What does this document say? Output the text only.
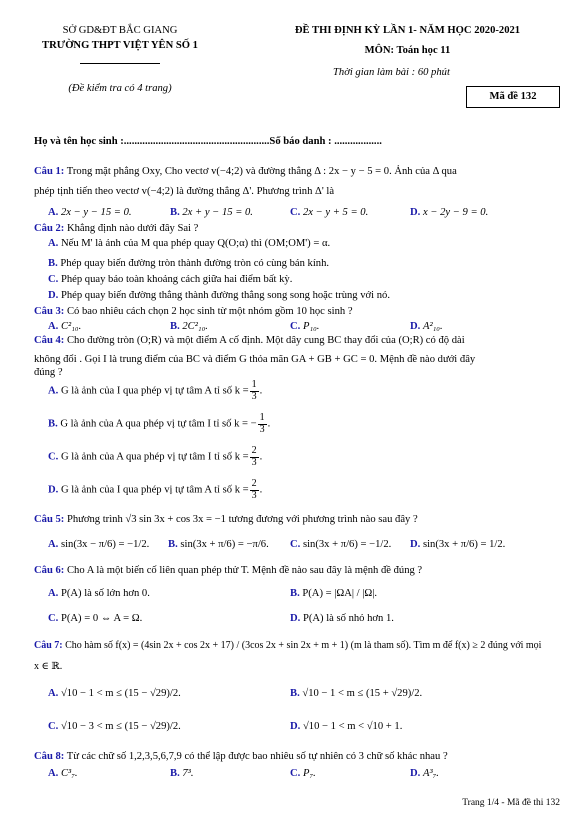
SỞ GD&ĐT BẮC GIANG
TRƯỜNG THPT VIỆT YÊN SỐ 1
(Đề kiểm tra có 4 trang)
ĐỀ THI ĐỊNH KỲ LẦN 1- NĂM HỌC 2020-2021
MÔN: Toán học 11
Thời gian làm bài : 60 phút
Mã đề 132
Họ và tên học sinh :.......................................................Số báo danh : ..................
Câu 1: Trong mặt phẳng Oxy, Cho vectơ v(−4;2) và đường thẳng Δ : 2x − y − 5 = 0. Ảnh của Δ qua
phép tịnh tiến theo vectơ v(−4;2) là đường thẳng Δ'. Phương trình Δ' là
A. 2x − y − 15 = 0.	B. 2x + y − 15 = 0.	C. 2x − y + 5 = 0.	D. x − 2y − 9 = 0.
Câu 2: Khẳng định nào dưới đây Sai ?
A. Nếu M' là ảnh của M qua phép quay Q(O;α) thì (OM;OM') = α.
B. Phép quay biến đường tròn thành đường tròn có cùng bán kính.
C. Phép quay bảo toàn khoảng cách giữa hai điểm bất kỳ.
D. Phép quay biến đường thẳng thành đường thẳng song song hoặc trùng với nó.
Câu 3: Có bao nhiêu cách chọn 2 học sinh từ một nhóm gồm 10 học sinh ?
A. C²₁₀.	B. 2C²₁₀.	C. P₁₀.	D. A²₁₀.
Câu 4: Cho đường tròn (O;R) và một điểm A cố định. Một dây cung BC thay đổi của (O;R) có độ dài
không đổi . Gọi I là trung điểm của BC và điểm G thỏa mãn GA + GB + GC = 0. Mệnh đề nào dưới đây
đúng ?
A. G là ảnh của I qua phép vị tự tâm A tỉ số $k = \frac{1}{3}$ .
B. G là ảnh của A qua phép vị tự tâm I tỉ số k = − $\frac{1}{3}$ .
C. G là ảnh của A qua phép vị tự tâm I tỉ số $k = \frac{2}{3}$ .
D. G là ảnh của I qua phép vị tự tâm A tỉ số $k = \frac{2}{3}$ .
Câu 5: Phương trình √3 sin 3x + cos 3x = −1 tương đương với phương trình nào sau đây ?
A. sin(3x − π/6) = −1/2. B. sin(3x + π/6) = −π/6. C. sin(3x + π/6) = −1/2. D. sin(3x + π/6) = 1/2.
Câu 6: Cho A là một biến cố liên quan phép thử T. Mệnh đề nào sau đây là mệnh đề đúng ?
A. P(A) là số lớn hơn 0.	B. P(A) = |ΩA| / |Ω|.
C. P(A) = 0 ⇔ A = Ω.	D. P(A) là số nhỏ hơn 1.
Câu 7: Cho hàm số f(x) = (4sin 2x + cos 2x + 17) / (3cos 2x + sin 2x + m + 1) (m là tham số). Tìm m để f(x) ≥ 2 đúng với mọi
x ∈ ℝ.
A. √10 − 1 < m ≤ (15 − √29)/2.	B. √10 − 1 < m ≤ (15 + √29)/2.
C. √10 − 3 < m ≤ (15 − √29)/2.	D. √10 − 1 < m < √10 + 1.
Câu 8: Từ các chữ số 1,2,3,5,6,7,9 có thể lập được bao nhiêu số tự nhiên có 3 chữ số khác nhau ?
A. C³₇.	B. 7³.	C. P₇.	D. A³₇.
Trang 1/4 - Mã đề thi 132
